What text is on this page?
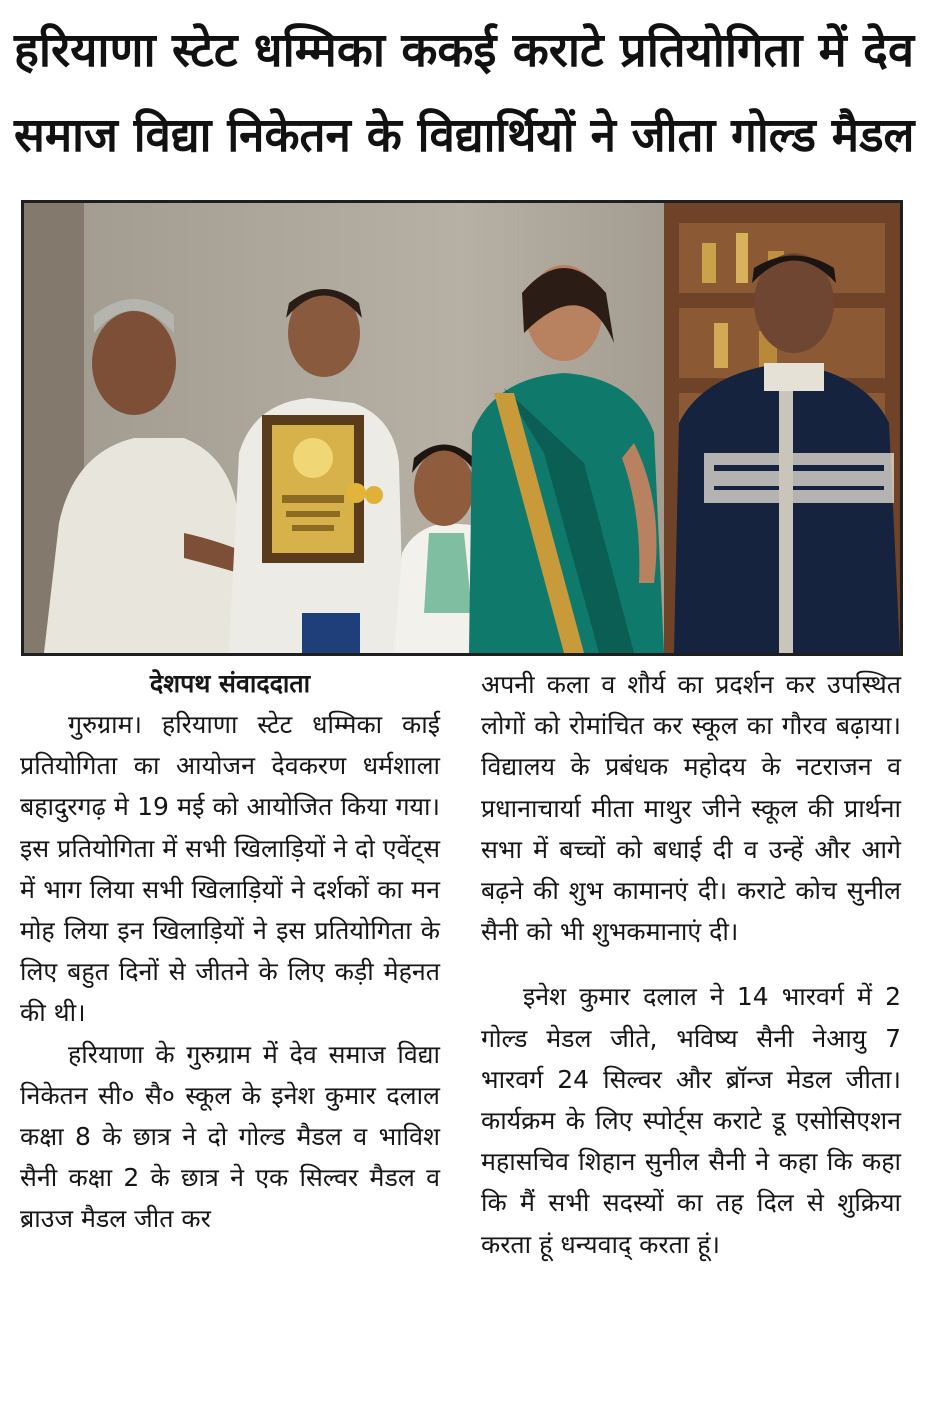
हरियाणा स्टेट धम्मिका ककई कराटे प्रतियोगिता में देव
समाज विद्या निकेतन के विद्यार्थियों ने जीता गोल्ड मैडल

देशपथ संवाददाता

गुरुग्राम। हरियाणा स्टेट धम्मिका काई प्रतियोगिता का आयोजन देवकरण धर्मशाला बहादुरगढ़ मे 19 मई को आयोजित किया गया। इस प्रतियोगिता में सभी खिलाड़ियों ने दो एवेंट्स में भाग लिया सभी खिलाड़ियों ने दर्शकों का मन मोह लिया इन खिलाड़ियों ने इस प्रतियोगिता के लिए बहुत दिनों से जीतने के लिए कड़ी मेहनत की थी।

हरियाणा के गुरुग्राम में देव समाज विद्या निकेतन सी० सै० स्कूल के इनेश कुमार दलाल कक्षा 8 के छात्र ने दो गोल्ड मैडल व भाविश सैनी कक्षा 2 के छात्र ने एक सिल्वर मैडल व ब्राउज मैडल जीत कर

अपनी कला व शौर्य का प्रदर्शन कर उपस्थित लोगों को रोमांचित कर स्कूल का गौरव बढ़ाया। विद्यालय के प्रबंधक महोदय के नटराजन व प्रधानाचार्या मीता माथुर जीने स्कूल की प्रार्थना सभा में बच्चों को बधाई दी व उन्हें और आगे बढ़ने की शुभ कामानएं दी। कराटे कोच सुनील सैनी को भी शुभकमानाएं दी।

इनेश कुमार दलाल ने 14 भारवर्ग में 2 गोल्ड मेडल जीते, भविष्य सैनी नेआयु 7 भारवर्ग 24 सिल्वर और ब्रॉन्ज मेडल जीता। कार्यक्रम के लिए स्पोर्ट्स कराटे डू एसोसिएशन महासचिव शिहान सुनील सैनी ने कहा कि कहा कि मैं सभी सदस्यों का तह दिल से शुक्रिया करता हूं धन्यवाद् करता हूं।
